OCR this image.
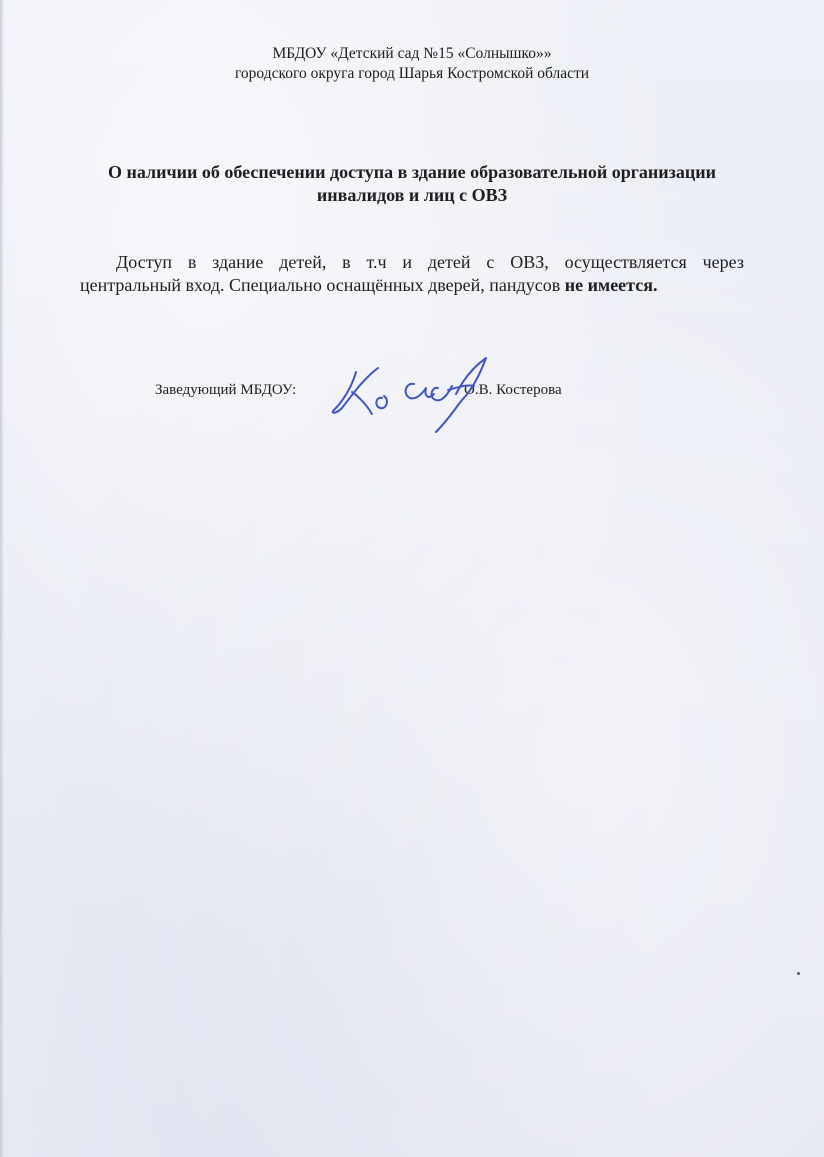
МБДОУ «Детский сад №15 «Солнышко»»
городского округа город Шарья Костромской области
О наличии об обеспечении доступа в здание образовательной организации
инвалидов и лиц с ОВЗ
Доступ в здание детей, в т.ч и детей с ОВЗ, осуществляется через
центральный вход. Специально оснащённых дверей, пандусов не имеется.
Заведующий МБДОУ:	О.В. Костерова
